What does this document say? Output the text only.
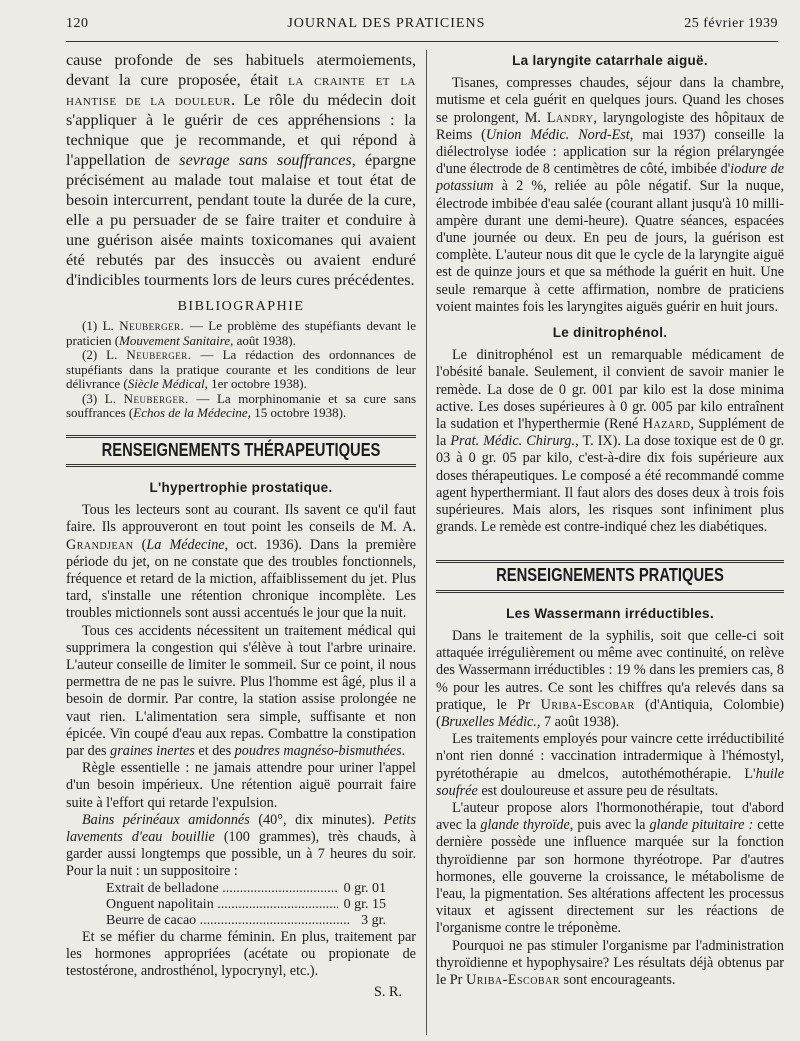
120	JOURNAL DES PRATICIENS	25 février 1939

cause profonde de ses habituels atermoiements, devant la cure proposée, était la crainte et la hantise de la douleur. Le rôle du médecin doit s'appliquer à le guérir de ces appréhensions : la technique que je recommande, et qui répond à l'appellation de sevrage sans souffrances, épargne précisément au malade tout malaise et tout état de besoin intercurrent, pendant toute la durée de la cure, elle a pu persuader de se faire traiter et conduire à une guérison aisée maints toxicomanes qui avaient été rebutés par des insuccès ou avaient enduré d'indicibles tourments lors de leurs cures précédentes.

BIBLIOGRAPHIE

(1) L. Neuberger. — Le problème des stupéfiants devant le praticien (Mouvement Sanitaire, août 1938).

(2) L. Neuberger. — La rédaction des ordonnances de stupéfiants dans la pratique courante et les conditions de leur délivrance (Siècle Médical, 1er octobre 1938).

(3) L. Neuberger. — La morphinomanie et sa cure sans souffrances (Echos de la Médecine, 15 octobre 1938).

RENSEIGNEMENTS THÉRAPEUTIQUES
L'hypertrophie prostatique.

Tous les lecteurs sont au courant. Ils savent ce qu'il faut faire. Ils approuveront en tout point les conseils de M. A. Grandjean (La Médecine, oct. 1936). Dans la première période du jet, on ne constate que des troubles fonctionnels, fréquence et retard de la miction, affaiblissement du jet. Plus tard, s'installe une rétention chronique incomplète. Les troubles mictionnels sont aussi accentués le jour que la nuit.

Tous ces accidents nécessitent un traitement médical qui supprimera la congestion qui s'élève à tout l'arbre urinaire. L'auteur conseille de limiter le sommeil. Sur ce point, il nous permettra de ne pas le suivre. Plus l'homme est âgé, plus il a besoin de dormir. Par contre, la station assise prolongée ne vaut rien. L'alimentation sera simple, suffisante et non épicée. Vin coupé d'eau aux repas. Combattre la constipation par des graines inertes et des poudres magnéso-bismuthées.

Règle essentielle : ne jamais attendre pour uriner l'appel d'un besoin impérieux. Une rétention aiguë pourrait faire suite à l'effort qui retarde l'expulsion.

Bains périnéaux amidonnés (40°, dix minutes). Petits lavements d'eau bouillie (100 grammes), très chauds, à garder aussi longtemps que possible, un à 7 heures du soir. Pour la nuit : un suppositoire :

Extrait de belladone .....	0 gr. 01
Onguent napolitain .....	0 gr. 15
Beurre de cacao .....	3 gr.

Et se méfier du charme féminin. En plus, traitement par les hormones appropriées (acétate ou propionate de testostérone, androsthénol, lypocrynyl, etc.).

S. R.
La laryngite catarrhale aiguë.

Tisanes, compresses chaudes, séjour dans la chambre, mutisme et cela guérit en quelques jours. Quand les choses se prolongent, M. Landry, laryngologiste des hôpitaux de Reims (Union Médic. Nord-Est, mai 1937) conseille la diélectrolyse iodée : application sur la région prélaryngée d'une électrode de 8 centimètres de côté, imbibée d'iodure de potassium à 2 %, reliée au pôle négatif. Sur la nuque, électrode imbibée d'eau salée (courant allant jusqu'à 10 milli-ampère durant une demi-heure). Quatre séances, espacées d'une journée ou deux. En peu de jours, la guérison est complète. L'auteur nous dit que le cycle de la laryngite aiguë est de quinze jours et que sa méthode la guérit en huit. Une seule remarque à cette affirmation, nombre de praticiens voient maintes fois les laryngites aiguës guérir en huit jours.

Le dinitrophénol.

Le dinitrophénol est un remarquable médicament de l'obésité banale. Seulement, il convient de savoir manier le remède. La dose de 0 gr. 001 par kilo est la dose minima active. Les doses supérieures à 0 gr. 005 par kilo entraînent la sudation et l'hyperthermie (René Hazard, Supplément de la Prat. Médic. Chirurg., T. IX). La dose toxique est de 0 gr. 03 à 0 gr. 05 par kilo, c'est-à-dire dix fois supérieure aux doses thérapeutiques. Le composé a été recommandé comme agent hyperthermiant. Il faut alors des doses deux à trois fois supérieures. Mais alors, les risques sont infiniment plus grands. Le remède est contre-indiqué chez les diabétiques.

RENSEIGNEMENTS PRATIQUES
Les Wassermann irréductibles.

Dans le traitement de la syphilis, soit que celle-ci soit attaquée irrégulièrement ou même avec continuité, on relève des Wassermann irréductibles : 19 % dans les premiers cas, 8 % pour les autres. Ce sont les chiffres qu'a relevés dans sa pratique, le Pr Uriba-Escobar (d'Antiquia, Colombie) (Bruxelles Médic., 7 août 1938).

Les traitements employés pour vaincre cette irréductibilité n'ont rien donné : vaccination intradermique à l'hémostyl, pyrétothérapie au dmelcos, autothémothérapie. L'huile soufrée est douloureuse et assure peu de résultats.

L'auteur propose alors l'hormonothérapie, tout d'abord avec la glande thyroïde, puis avec la glande pituitaire : cette dernière possède une influence marquée sur la fonction thyroïdienne par son hormone thyréotrope. Par d'autres hormones, elle gouverne la croissance, le métabolisme de l'eau, la pigmentation. Ses altérations affectent les processus vitaux et agissent directement sur les réactions de l'organisme contre le tréponème.

Pourquoi ne pas stimuler l'organisme par l'administration thyroïdienne et hypophysaire? Les résultats déjà obtenus par le Pr Uriba-Escobar sont encourageants.
